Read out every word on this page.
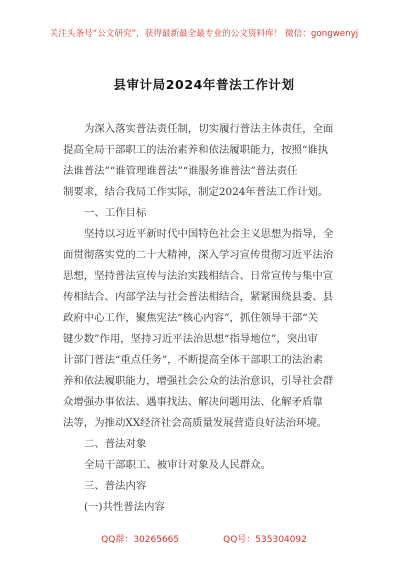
关注头条号“公文研究”，获得最新最全最专业的公文资料库！ 微信：gongwenyj
县审计局2024年普法工作计划
为深入落实普法责任制，切实履行普法主体责任，全面
提高全局干部职工的法治素养和依法履职能力，按照“谁执
法谁普法”“谁管理谁普法”“谁服务谁普法”普法责任
制要求，结合我局工作实际，制定2024年普法工作计划。
一、工作目标
坚持以习近平新时代中国特色社会主义思想为指导，全
面贯彻落实党的二十大精神，深入学习宣传贯彻习近平法治
思想，坚持普法宣传与法治实践相结合、日常宣传与集中宣
传相结合、内部学法与社会普法相结合，紧紧围绕县委、县
政府中心工作，聚焦宪法“核心内容”，抓住领导干部“关
键少数”作用，坚持习近平法治思想“指导地位”，突出审
计部门普法“重点任务”，不断提高全体干部职工的法治素
养和依法履职能力，增强社会公众的法治意识，引导社会群
众增强办事依法、遇事找法、解决问题用法、化解矛盾靠
法等，为推动XX经济社会高质量发展营造良好法治环境。
二、普法对象
全局干部职工、被审计对象及人民群众。
三、普法内容
(一)共性普法内容
QQ群：30265665	QQ号：535304092
